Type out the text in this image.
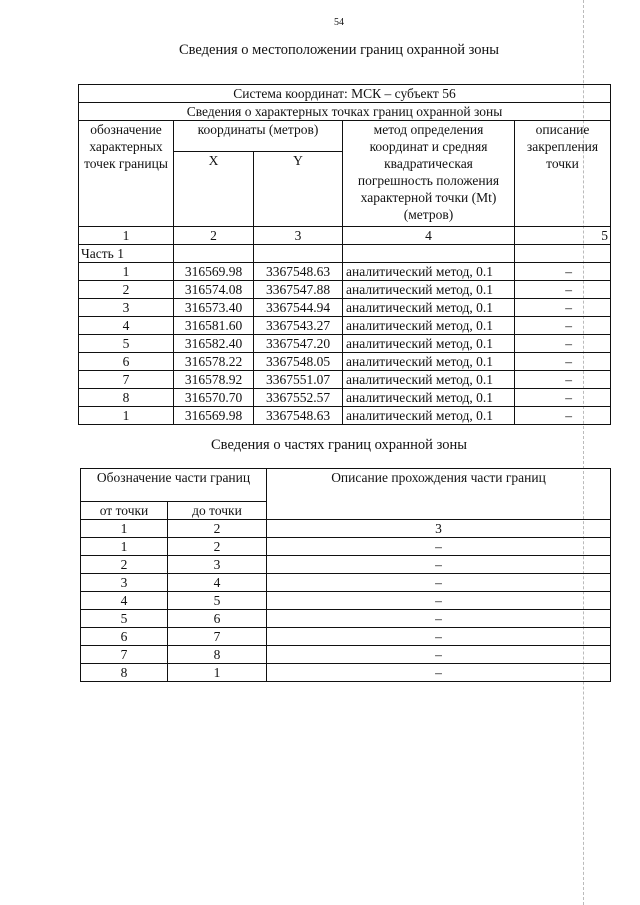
54
Сведения о местоположении границ охранной зоны
Система координат: МСК – субъект 56				
Сведения о характерных точках границ охранной зоны				
обозначение характерных точек границы	координаты (метров)		метод определения координат и средняя квадратическая погрешность положения характерной точки (Mt) (метров)	описание закрепления точки
	X	Y		
1	2	3	4	5
Часть 1				
1	316569.98	3367548.63	аналитический метод, 0.1	–
2	316574.08	3367547.88	аналитический метод, 0.1	–
3	316573.40	3367544.94	аналитический метод, 0.1	–
4	316581.60	3367543.27	аналитический метод, 0.1	–
5	316582.40	3367547.20	аналитический метод, 0.1	–
6	316578.22	3367548.05	аналитический метод, 0.1	–
7	316578.92	3367551.07	аналитический метод, 0.1	–
8	316570.70	3367552.57	аналитический метод, 0.1	–
1	316569.98	3367548.63	аналитический метод, 0.1	–
Сведения о частях границ охранной зоны
Обозначение части границ		Описание прохождения части границ
от точки	до точки	
1	2	3
1	2	–
2	3	–
3	4	–
4	5	–
5	6	–
6	7	–
7	8	–
8	1	–
